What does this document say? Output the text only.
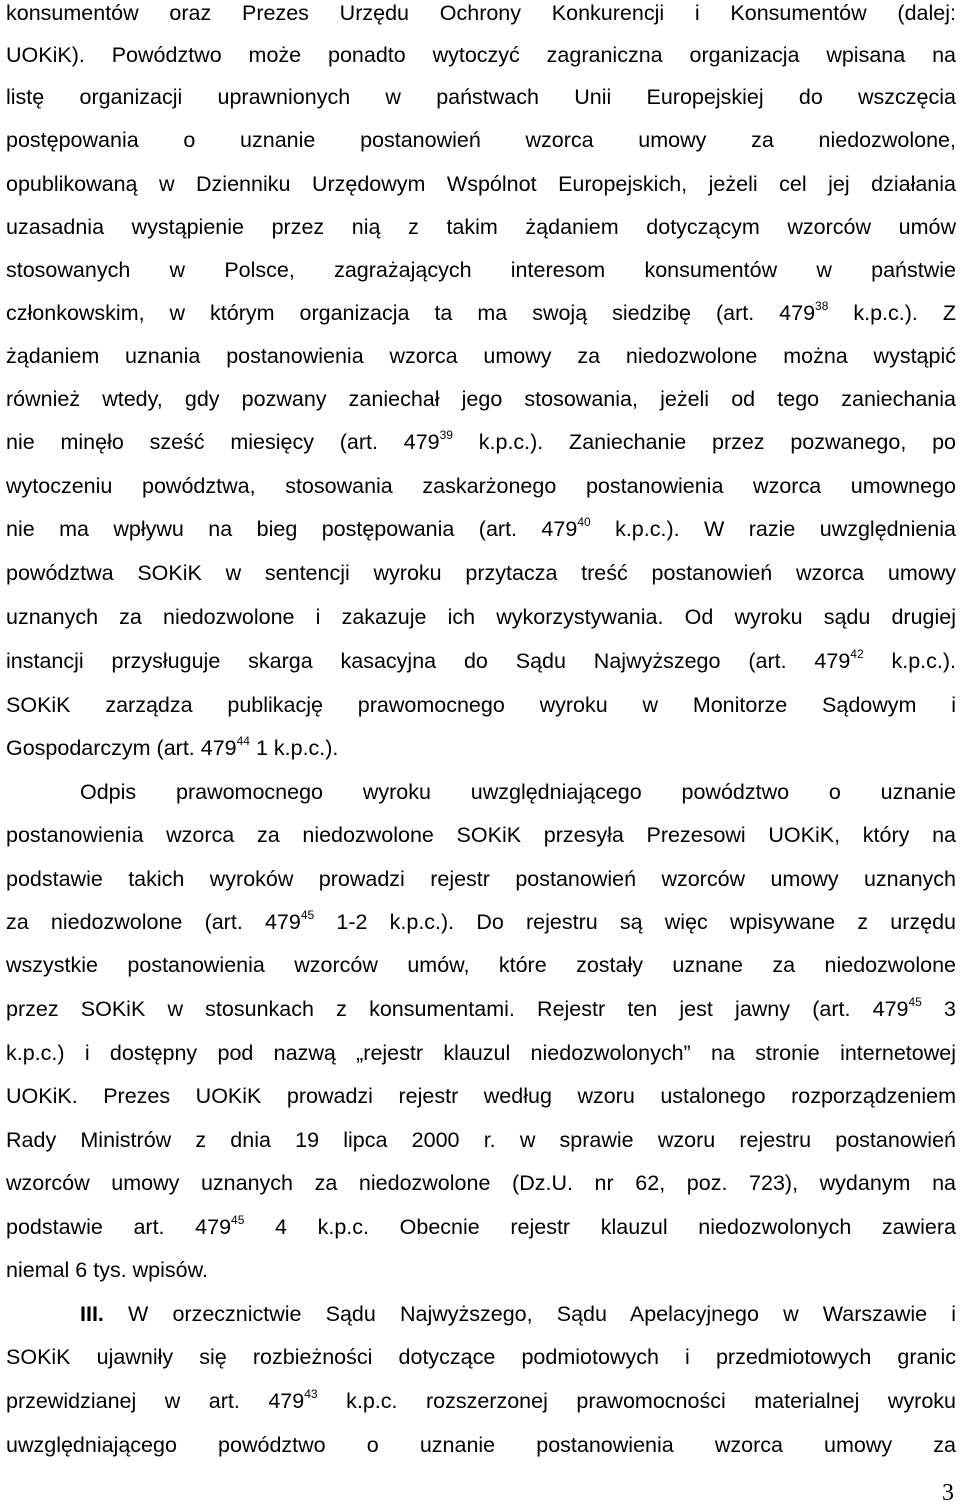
konsumentów oraz Prezes Urzędu Ochrony Konkurencji i Konsumentów (dalej:
UOKiK). Powództwo może ponadto wytoczyć zagraniczna organizacja wpisana na
listę organizacji uprawnionych w państwach Unii Europejskiej do wszczęcia
postępowania o uznanie postanowień wzorca umowy za niedozwolone,
opublikowaną w Dzienniku Urzędowym Wspólnot Europejskich, jeżeli cel jej działania
uzasadnia wystąpienie przez nią z takim żądaniem dotyczącym wzorców umów
stosowanych w Polsce, zagrażających interesom konsumentów w państwie
członkowskim, w którym organizacja ta ma swoją siedzibę (art. $479^{38}$ k.p.c.). Z
żądaniem uznania postanowienia wzorca umowy za niedozwolone można wystąpić
również wtedy, gdy pozwany zaniechał jego stosowania, jeżeli od tego zaniechania
nie minęło sześć miesięcy (art. $479^{39}$ k.p.c.). Zaniechanie przez pozwanego, po
wytoczeniu powództwa, stosowania zaskarżonego postanowienia wzorca umownego
nie ma wpływu na bieg postępowania (art. $479^{40}$ k.p.c.). W razie uwzględnienia
powództwa SOKiK w sentencji wyroku przytacza treść postanowień wzorca umowy
uznanych za niedozwolone i zakazuje ich wykorzystywania. Od wyroku sądu drugiej
instancji przysługuje skarga kasacyjna do Sądu Najwyższego (art. $479^{42}$ k.p.c.).
SOKiK zarządza publikację prawomocnego wyroku w Monitorze Sądowym i
Gospodarczym (art. $479^{44}$ 1 k.p.c.).
Odpis prawomocnego wyroku uwzględniającego powództwo o uznanie
postanowienia wzorca za niedozwolone SOKiK przesyła Prezesowi UOKiK, który na
podstawie takich wyroków prowadzi rejestr postanowień wzorców umowy uznanych
za niedozwolone (art. $479^{45}$ 1-2 k.p.c.). Do rejestru są więc wpisywane z urzędu
wszystkie postanowienia wzorców umów, które zostały uznane za niedozwolone
przez SOKiK w stosunkach z konsumentami. Rejestr ten jest jawny (art. $479^{45}$ 3
k.p.c.) i dostępny pod nazwą „rejestr klauzul niedozwolonych” na stronie internetowej
UOKiK. Prezes UOKiK prowadzi rejestr według wzoru ustalonego rozporządzeniem
Rady Ministrów z dnia 19 lipca 2000 r. w sprawie wzoru rejestru postanowień
wzorców umowy uznanych za niedozwolone (Dz.U. nr 62, poz. 723), wydanym na
podstawie art. $479^{45}$ 4 k.p.c. Obecnie rejestr klauzul niedozwolonych zawiera
niemal 6 tys. wpisów.
III. W orzecznictwie Sądu Najwyższego, Sądu Apelacyjnego w Warszawie i
SOKiK ujawniły się rozbieżności dotyczące podmiotowych i przedmiotowych granic
przewidzianej w art. $479^{43}$ k.p.c. rozszerzonej prawomocności materialnej wyroku
uwzględniającego powództwo o uznanie postanowienia wzorca umowy za
3
